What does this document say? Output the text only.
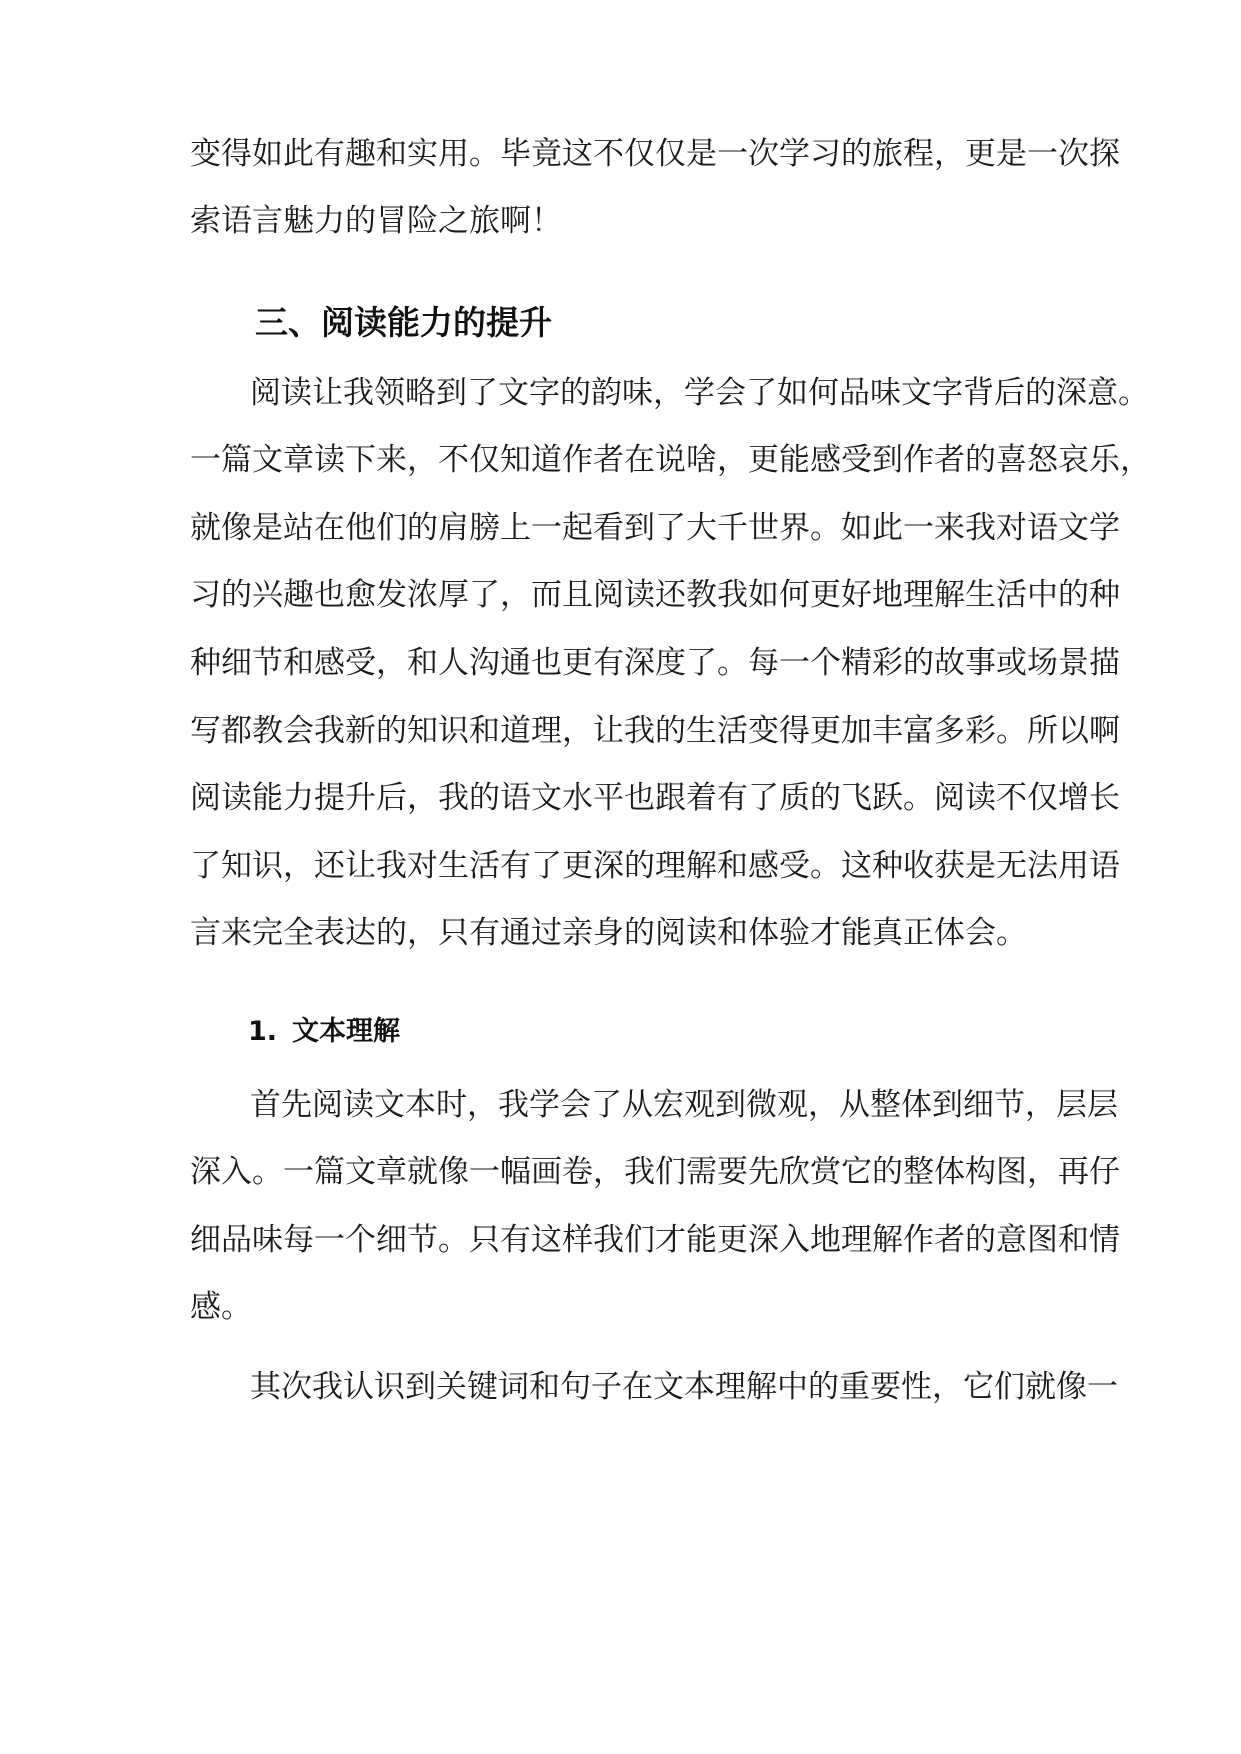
变得如此有趣和实用。毕竟这不仅仅是一次学习的旅程，更是一次探
索语言魅力的冒险之旅啊！
三、阅读能力的提升
阅读让我领略到了文字的韵味，学会了如何品味文字背后的深意。
一篇文章读下来，不仅知道作者在说啥，更能感受到作者的喜怒哀乐，
就像是站在他们的肩膀上一起看到了大千世界。如此一来我对语文学
习的兴趣也愈发浓厚了，而且阅读还教我如何更好地理解生活中的种
种细节和感受，和人沟通也更有深度了。每一个精彩的故事或场景描
写都教会我新的知识和道理，让我的生活变得更加丰富多彩。所以啊
阅读能力提升后，我的语文水平也跟着有了质的飞跃。阅读不仅增长
了知识，还让我对生活有了更深的理解和感受。这种收获是无法用语
言来完全表达的，只有通过亲身的阅读和体验才能真正体会。
1. 文本理解
首先阅读文本时，我学会了从宏观到微观，从整体到细节，层层
深入。一篇文章就像一幅画卷，我们需要先欣赏它的整体构图，再仔
细品味每一个细节。只有这样我们才能更深入地理解作者的意图和情
感。
其次我认识到关键词和句子在文本理解中的重要性，它们就像一
